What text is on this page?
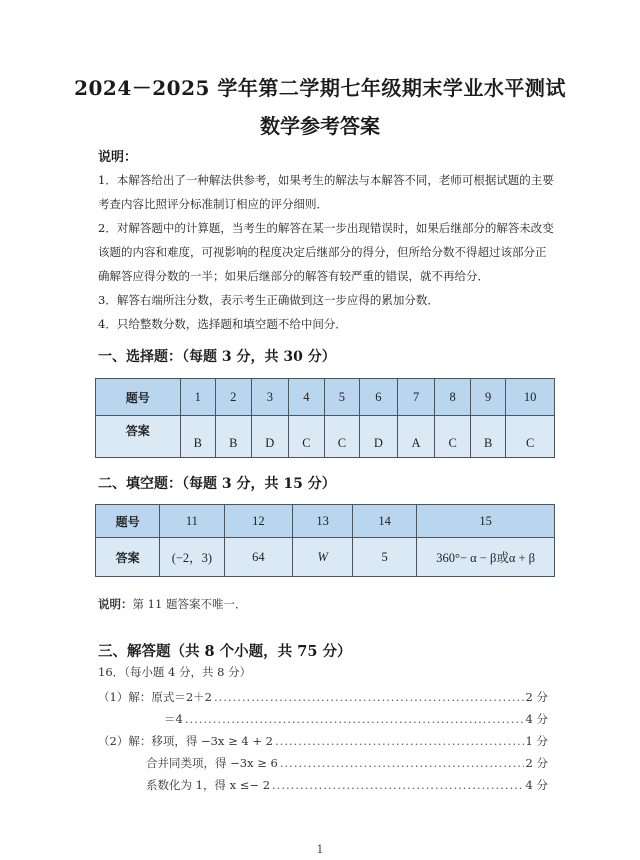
2024－2025 学年第二学期七年级期末学业水平测试
数学参考答案
说明：

1．本解答给出了一种解法供参考，如果考生的解法与本解答不同，老师可根据试题的主要考查内容比照评分标准制订相应的评分细则．

2．对解答题中的计算题，当考生的解答在某一步出现错误时，如果后继部分的解答未改变该题的内容和难度，可视影响的程度决定后继部分的得分，但所给分数不得超过该部分正确解答应得分数的一半；如果后继部分的解答有较严重的错误，就不再给分．

3．解答右端所注分数，表示考生正确做到这一步应得的累加分数．

4．只给整数分数，选择题和填空题不给中间分．

一、选择题：（每题 3 分，共 30 分）
题号	1	2	3	4	5	6	7	8	9	10
答案	B	B	D	C	C	D	A	C	B	C
二、填空题：（每题 3 分，共 15 分）
题号	11	12	13	14	15
答案	(−2，3)	64	W	5	360°− α − β或α + β
说明：第 11 题答案不唯一．
三、解答题（共 8 个小题，共 75 分）
16．（每小题 4 分，共 8 分）
（1）解：原式＝2＋2 .....	2 分
＝4 .....	4 分
（2）解：移项，得 −3x ≥ 4 + 2 .....	1 分
合并同类项，得 −3x ≥ 6 .....	2 分
系数化为 1，得 x ≤− 2 .....	4 分
1
